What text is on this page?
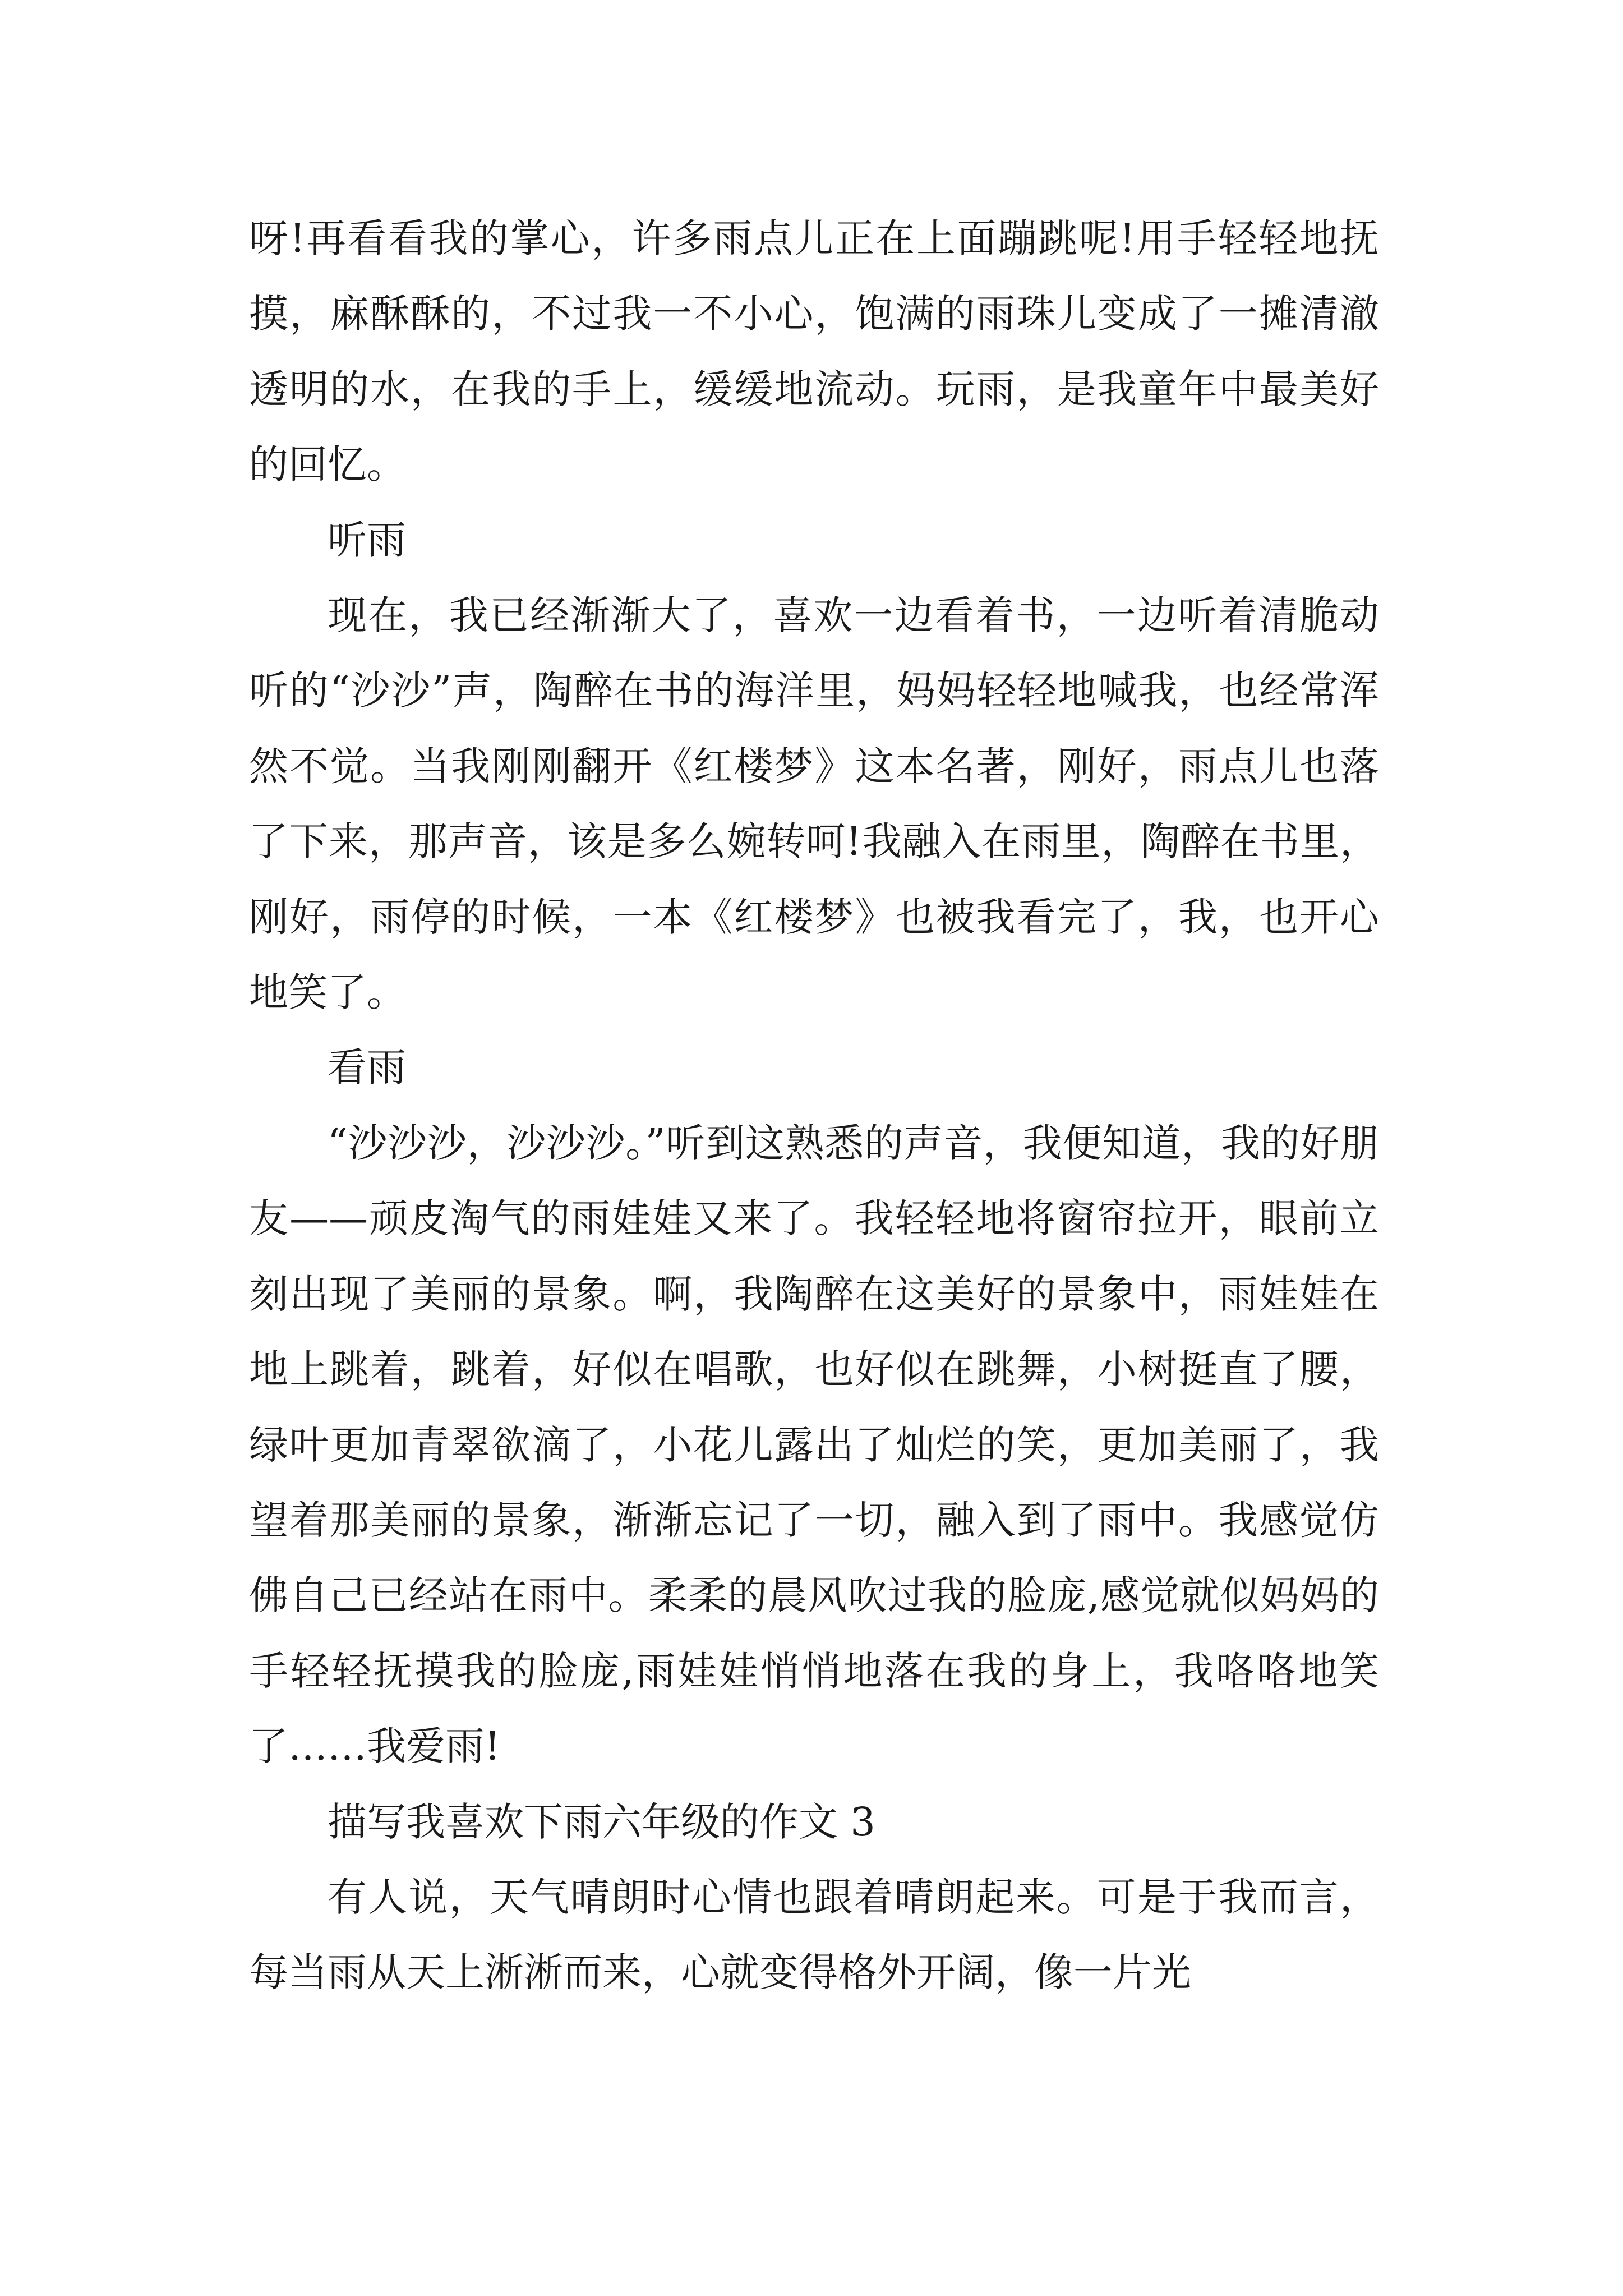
呀!再看看我的掌心，许多雨点儿正在上面蹦跳呢!用手轻轻地抚摸，麻酥酥的，不过我一不小心，饱满的雨珠儿变成了一摊清澈透明的水，在我的手上，缓缓地流动。玩雨，是我童年中最美好的回忆。

听雨

现在，我已经渐渐大了，喜欢一边看着书，一边听着清脆动听的“沙沙”声，陶醉在书的海洋里，妈妈轻轻地喊我，也经常浑然不觉。当我刚刚翻开《红楼梦》这本名著，刚好，雨点儿也落了下来，那声音，该是多么婉转呵!我融入在雨里，陶醉在书里，刚好，雨停的时候，一本《红楼梦》也被我看完了，我，也开心地笑了。

看雨

“沙沙沙，沙沙沙。”听到这熟悉的声音，我便知道，我的好朋友——顽皮淘气的雨娃娃又来了。我轻轻地将窗帘拉开，眼前立刻出现了美丽的景象。啊，我陶醉在这美好的景象中，雨娃娃在地上跳着，跳着，好似在唱歌，也好似在跳舞，小树挺直了腰，绿叶更加青翠欲滴了，小花儿露出了灿烂的笑，更加美丽了，我望着那美丽的景象，渐渐忘记了一切，融入到了雨中。我感觉仿佛自己已经站在雨中。柔柔的晨风吹过我的脸庞,感觉就似妈妈的手轻轻抚摸我的脸庞,雨娃娃悄悄地落在我的身上，我咯咯地笑了……我爱雨!

描写我喜欢下雨六年级的作文 3

有人说，天气晴朗时心情也跟着晴朗起来。可是于我而言，每当雨从天上淅淅而来，心就变得格外开阔，像一片光
